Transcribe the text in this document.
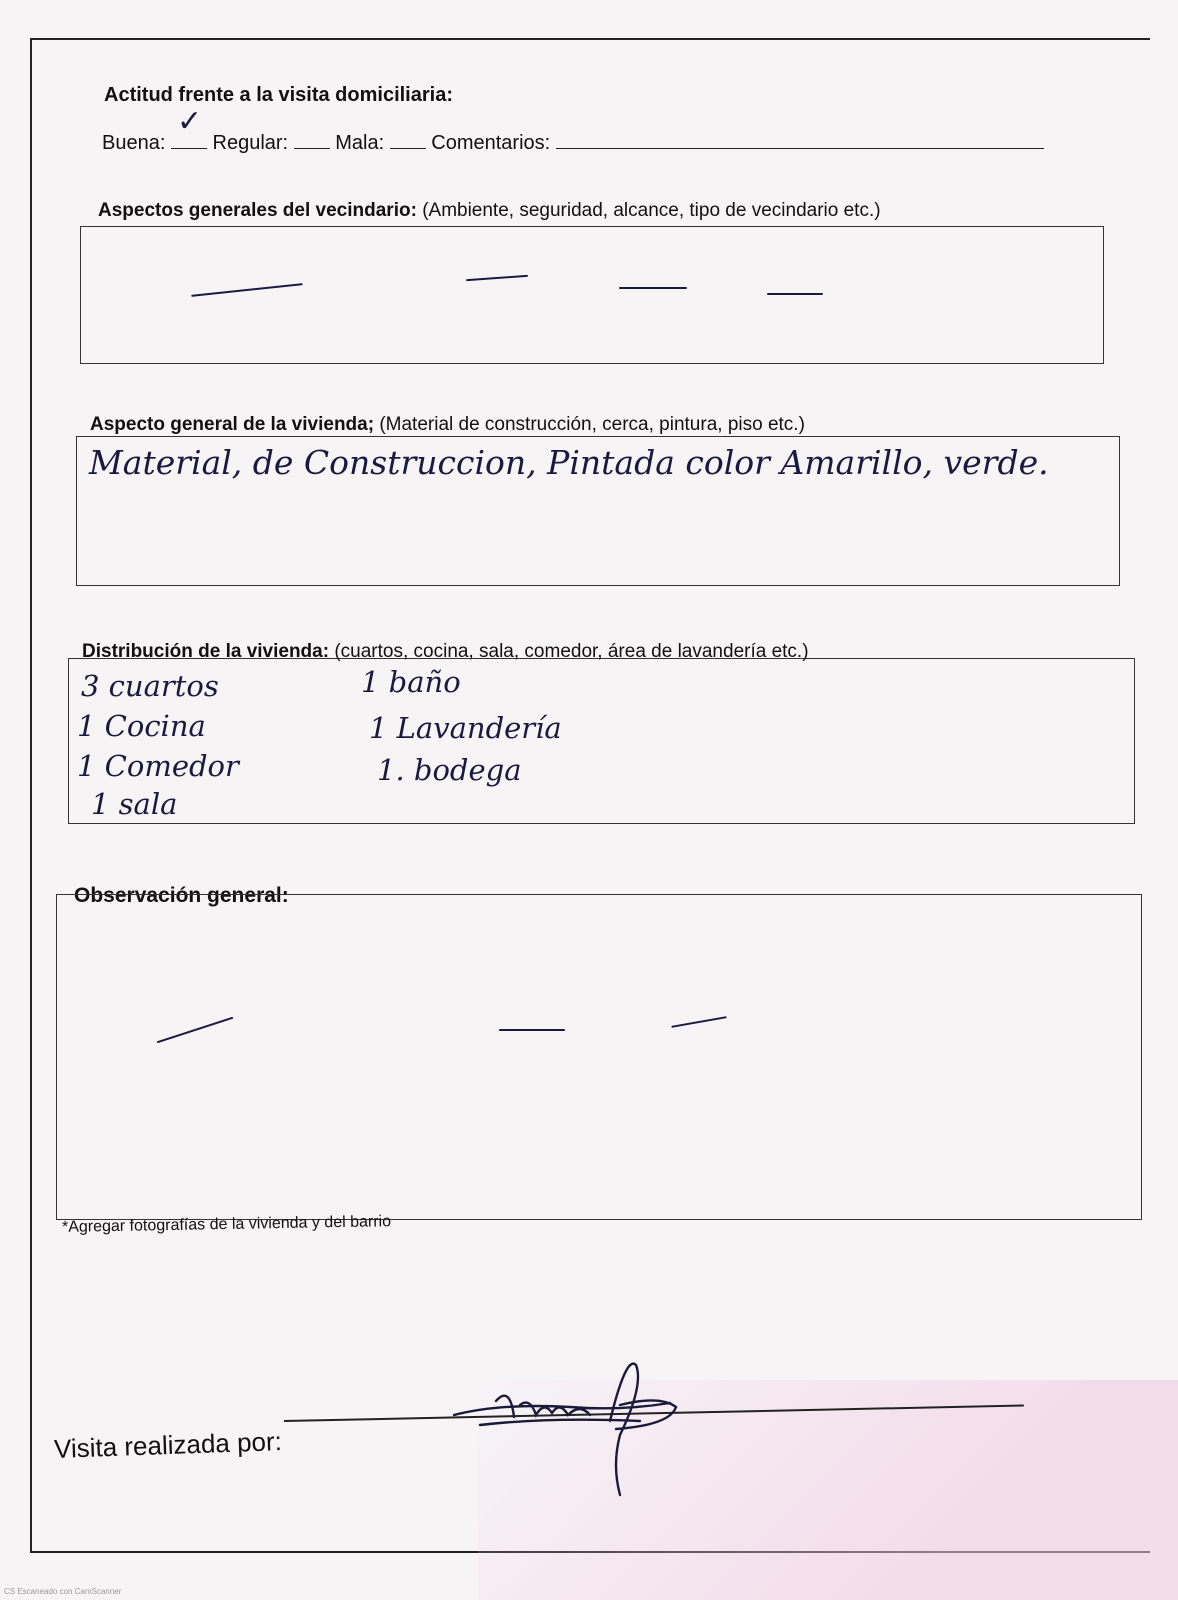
Actitud frente a la visita domiciliaria:
Buena:
✓
Regular: Mala: Comentarios:
Aspectos generales del vecindario: (Ambiente, seguridad, alcance, tipo de vecindario etc.)
Aspecto general de la vivienda; (Material de construcción, cerca, pintura, piso etc.)
Material, de Construccion, Pintada color Amarillo, verde.
Distribución de la vivienda: (cuartos, cocina, sala, comedor, área de lavandería etc.)
3 cuartos
1 Cocina
1 Comedor
1 sala
1 baño
1 Lavandería
1. bodega
Observación general:
*Agregar fotografías de la vivienda y del barrio
Visita realizada por:
CS Escaneado con CamScanner
